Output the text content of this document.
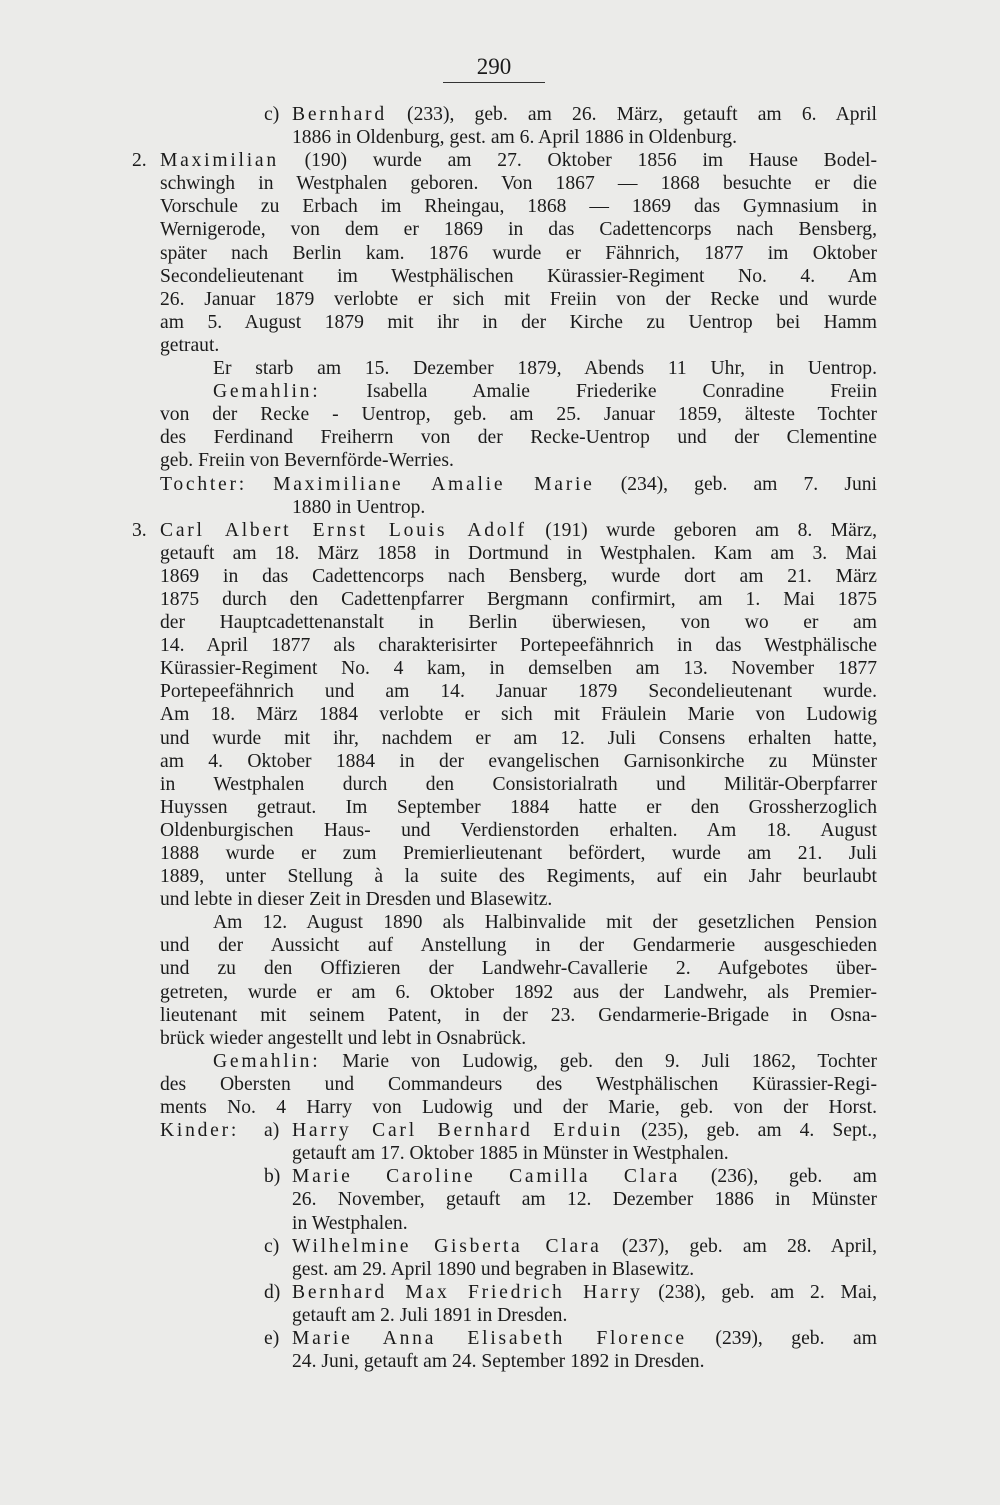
290
c) Bernhard (233), geb. am 26. März, getauft am 6. April
1886 in Oldenburg, gest. am 6. April 1886 in Oldenburg.
2. Maximilian (190) wurde am 27. Oktober 1856 im Hause Bodel-
schwingh in Westphalen geboren. Von 1867 — 1868 besuchte er die
Vorschule zu Erbach im Rheingau, 1868 — 1869 das Gymnasium in
Wernigerode, von dem er 1869 in das Cadettencorps nach Bensberg,
später nach Berlin kam. 1876 wurde er Fähnrich, 1877 im Oktober
Secondelieutenant im Westphälischen Kürassier-Regiment No. 4. Am
26. Januar 1879 verlobte er sich mit Freiin von der Recke und wurde
am 5. August 1879 mit ihr in der Kirche zu Uentrop bei Hamm
getraut.
Er starb am 15. Dezember 1879, Abends 11 Uhr, in Uentrop.
Gemahlin: Isabella Amalie Friederike Conradine Freiin
von der Recke - Uentrop, geb. am 25. Januar 1859, älteste Tochter
des Ferdinand Freiherrn von der Recke-Uentrop und der Clementine
geb. Freiin von Bevernförde-Werries.
Tochter: Maximiliane Amalie Marie (234), geb. am 7. Juni
1880 in Uentrop.
3. Carl Albert Ernst Louis Adolf (191) wurde geboren am 8. März,
getauft am 18. März 1858 in Dortmund in Westphalen. Kam am 3. Mai
1869 in das Cadettencorps nach Bensberg, wurde dort am 21. März
1875 durch den Cadettenpfarrer Bergmann confirmirt, am 1. Mai 1875
der Hauptcadettenanstalt in Berlin überwiesen, von wo er am
14. April 1877 als charakterisirter Portepeefähnrich in das Westphälische
Kürassier-Regiment No. 4 kam, in demselben am 13. November 1877
Portepeefähnrich und am 14. Januar 1879 Secondelieutenant wurde.
Am 18. März 1884 verlobte er sich mit Fräulein Marie von Ludowig
und wurde mit ihr, nachdem er am 12. Juli Consens erhalten hatte,
am 4. Oktober 1884 in der evangelischen Garnisonkirche zu Münster
in Westphalen durch den Consistorialrath und Militär-Oberpfarrer
Huyssen getraut. Im September 1884 hatte er den Grossherzoglich
Oldenburgischen Haus- und Verdienstorden erhalten. Am 18. August
1888 wurde er zum Premierlieutenant befördert, wurde am 21. Juli
1889, unter Stellung à la suite des Regiments, auf ein Jahr beurlaubt
und lebte in dieser Zeit in Dresden und Blasewitz.
Am 12. August 1890 als Halbinvalide mit der gesetzlichen Pension
und der Aussicht auf Anstellung in der Gendarmerie ausgeschieden
und zu den Offizieren der Landwehr-Cavallerie 2. Aufgebotes über-
getreten, wurde er am 6. Oktober 1892 aus der Landwehr, als Premier-
lieutenant mit seinem Patent, in der 23. Gendarmerie-Brigade in Osna-
brück wieder angestellt und lebt in Osnabrück.
Gemahlin: Marie von Ludowig, geb. den 9. Juli 1862, Tochter
des Obersten und Commandeurs des Westphälischen Kürassier-Regi-
ments No. 4 Harry von Ludowig und der Marie, geb. von der Horst.
Kinder: a) Harry Carl Bernhard Erduin (235), geb. am 4. Sept.,
getauft am 17. Oktober 1885 in Münster in Westphalen.
b) Marie Caroline Camilla Clara (236), geb. am
26. November, getauft am 12. Dezember 1886 in Münster
in Westphalen.
c) Wilhelmine Gisberta Clara (237), geb. am 28. April,
gest. am 29. April 1890 und begraben in Blasewitz.
d) Bernhard Max Friedrich Harry (238), geb. am 2. Mai,
getauft am 2. Juli 1891 in Dresden.
e) Marie Anna Elisabeth Florence (239), geb. am
24. Juni, getauft am 24. September 1892 in Dresden.
